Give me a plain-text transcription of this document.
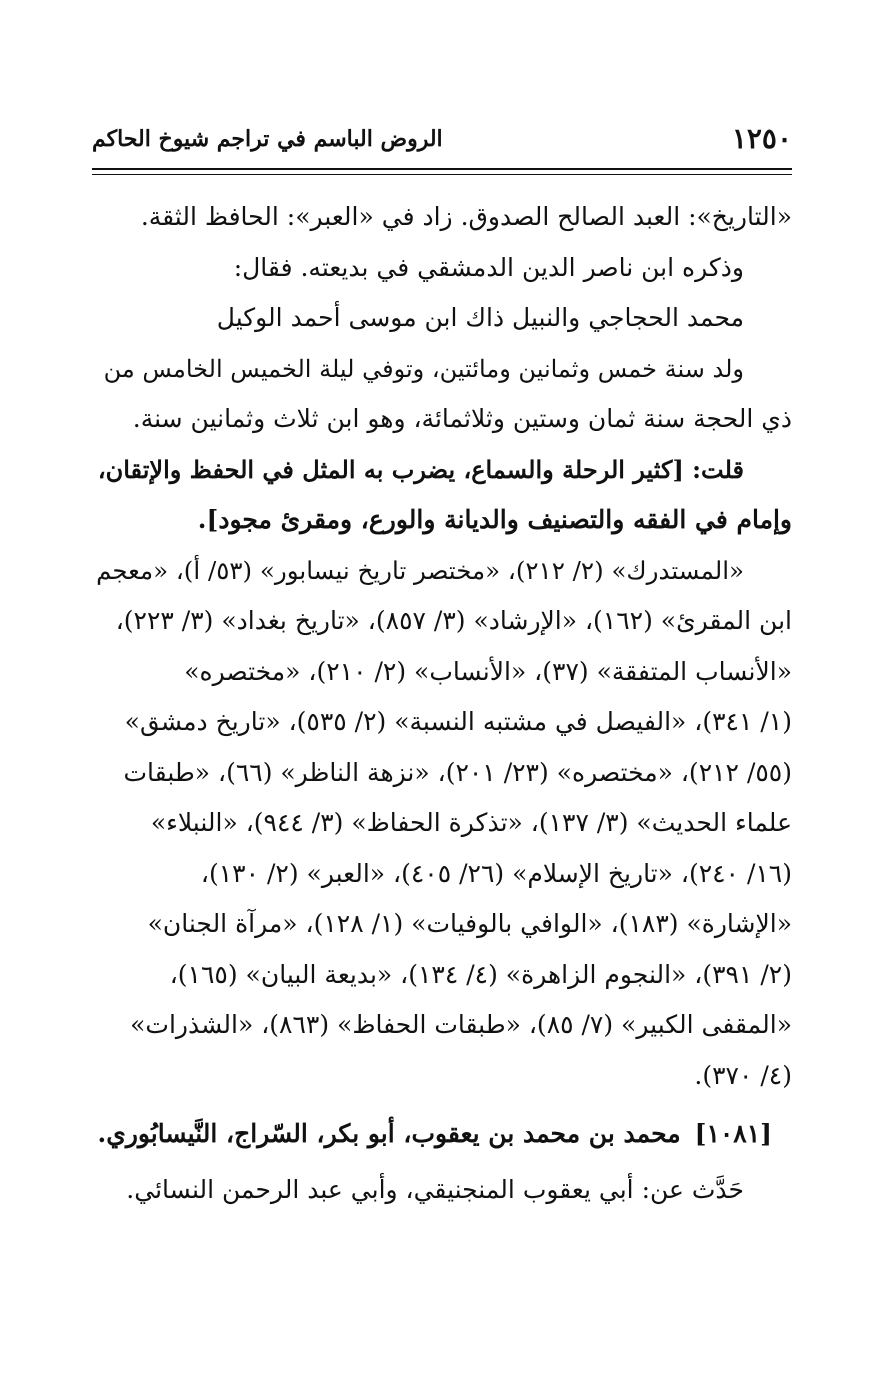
١٢٥٠
الروض الباسم في تراجم شيوخ الحاكم
«التاريخ»: العبد الصالح الصدوق. زاد في «العبر»: الحافظ الثقة.
وذكره ابن ناصر الدين الدمشقي في بديعته. فقال:
محمد الحجاجي والنبيل ذاك ابن موسى أحمد الوكيل
ولد سنة خمس وثمانين ومائتين، وتوفي ليلة الخميس الخامس من
ذي الحجة سنة ثمان وستين وثلاثمائة، وهو ابن ثلاث وثمانين سنة.
قلت: [كثير الرحلة والسماع، يضرب به المثل في الحفظ والإتقان،
وإمام في الفقه والتصنيف والديانة والورع، ومقرئ مجود].
«المستدرك» (٢/ ٢١٢)، «مختصر تاريخ نيسابور» (٥٣/ أ)، «معجم
ابن المقرئ» (١٦٢)، «الإرشاد» (٣/ ٨٥٧)، «تاريخ بغداد» (٣/ ٢٢٣)،
«الأنساب المتفقة» (٣٧)، «الأنساب» (٢/ ٢١٠)، «مختصره»
(١/ ٣٤١)، «الفيصل في مشتبه النسبة» (٢/ ٥٣٥)، «تاريخ دمشق»
(٥٥/ ٢١٢)، «مختصره» (٢٣/ ٢٠١)، «نزهة الناظر» (٦٦)، «طبقات
علماء الحديث» (٣/ ١٣٧)، «تذكرة الحفاظ» (٣/ ٩٤٤)، «النبلاء»
(١٦/ ٢٤٠)، «تاريخ الإسلام» (٢٦/ ٤٠٥)، «العبر» (٢/ ١٣٠)،
«الإشارة» (١٨٣)، «الوافي بالوفيات» (١/ ١٢٨)، «مرآة الجنان»
(٢/ ٣٩١)، «النجوم الزاهرة» (٤/ ١٣٤)، «بديعة البيان» (١٦٥)،
«المقفى الكبير» (٧/ ٨٥)، «طبقات الحفاظ» (٨٦٣)، «الشذرات»
(٤/ ٣٧٠).
[١٠٨١]محمد بن محمد بن يعقوب، أبو بكر، السّراج، النَّيسابُوري.
حَدَّث عن: أبي يعقوب المنجنيقي، وأبي عبد الرحمن النسائي.
